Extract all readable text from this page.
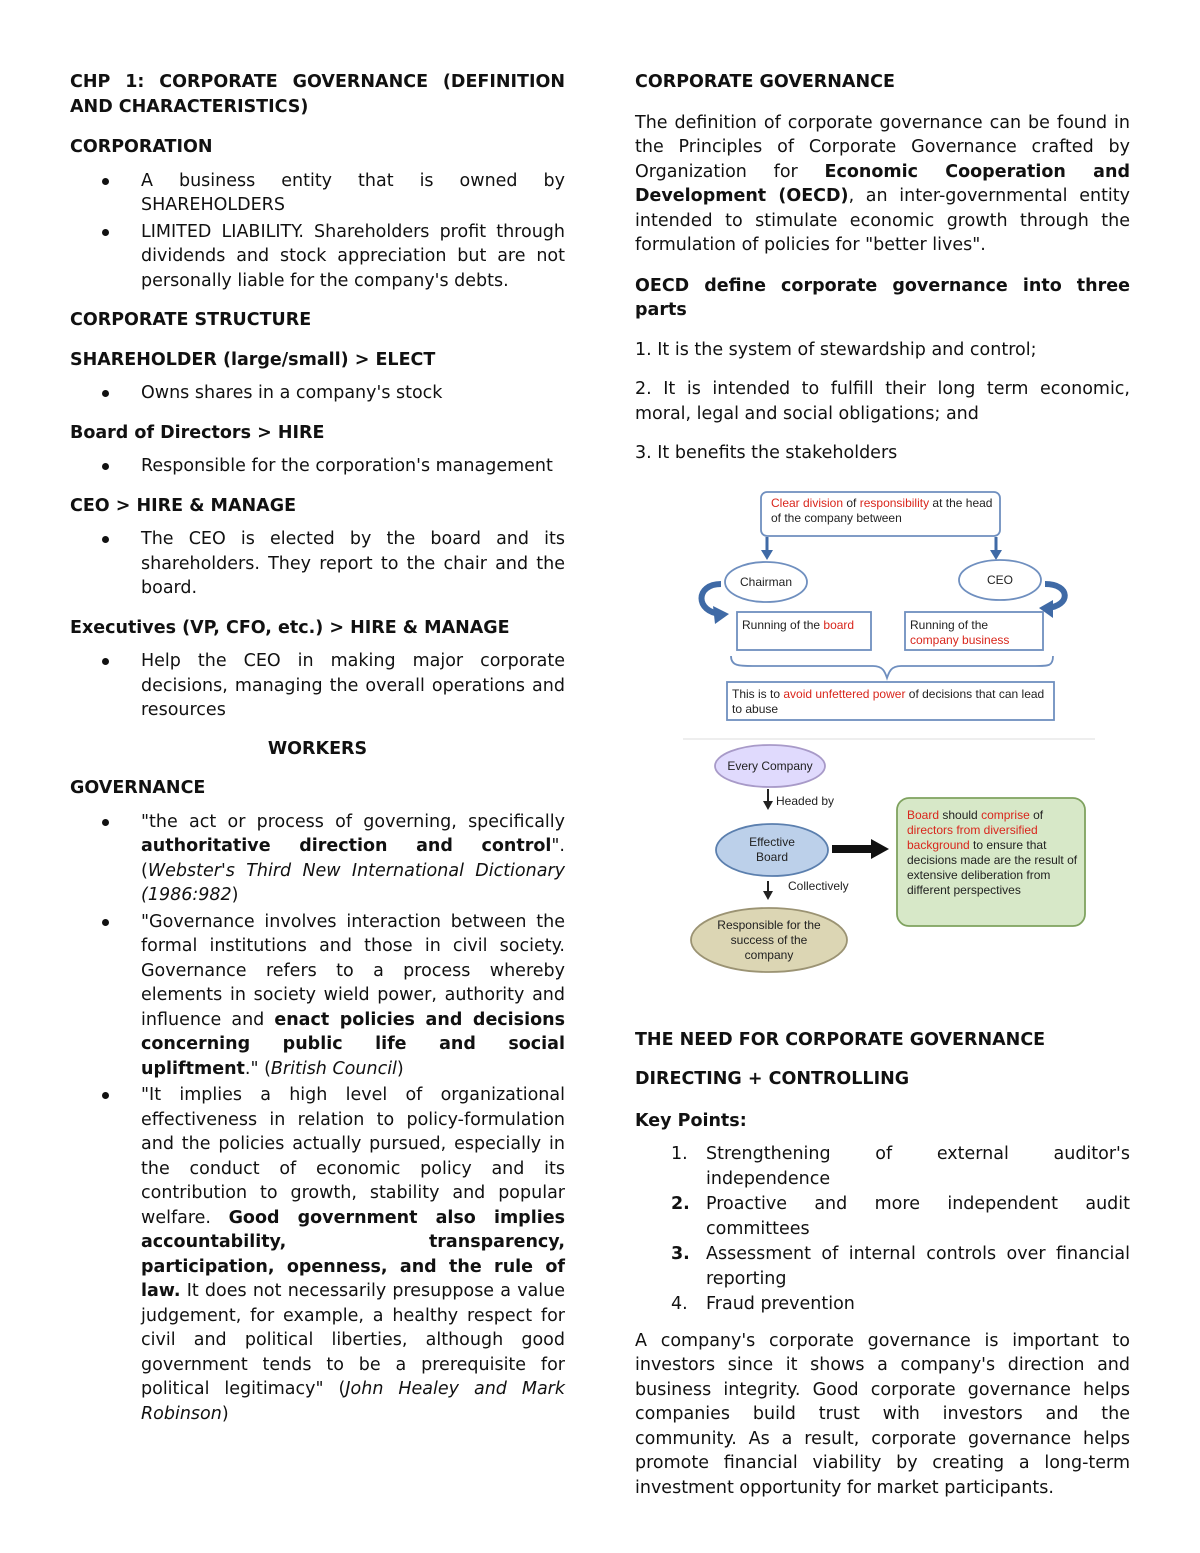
CHP 1: CORPORATE GOVERNANCE (DEFINITION AND CHARACTERISTICS)

CORPORATION

A business entity that is owned by SHAREHOLDERS
LIMITED LIABILITY. Shareholders profit through dividends and stock appreciation but are not personally liable for the company's debts.

CORPORATE STRUCTURE

SHAREHOLDER (large/small) > ELECT

Owns shares in a company's stock

Board of Directors > HIRE

Responsible for the corporation's management

CEO > HIRE & MANAGE

The CEO is elected by the board and its shareholders. They report to the chair and the board.

Executives (VP, CFO, etc.) > HIRE & MANAGE

Help the CEO in making major corporate decisions, managing the overall operations and resources

WORKERS

GOVERNANCE

"the act or process of governing, specifically authoritative direction and control". (Webster's Third New International Dictionary (1986:982)
"Governance involves interaction between the formal institutions and those in civil society. Governance refers to a process whereby elements in society wield power, authority and influence and enact policies and decisions concerning public life and social upliftment." (British Council)
"It implies a high level of organizational effectiveness in relation to policy-formulation and the policies actually pursued, especially in the conduct of economic policy and its contribution to growth, stability and popular welfare. Good government also implies accountability, transparency, participation, openness, and the rule of law. It does not necessarily presuppose a value judgement, for example, a healthy respect for civil and political liberties, although good government tends to be a prerequisite for political legitimacy" (John Healey and Mark Robinson)

CORPORATE GOVERNANCE

The definition of corporate governance can be found in the Principles of Corporate Governance crafted by Organization for Economic Cooperation and Development (OECD), an inter-governmental entity intended to stimulate economic growth through the formulation of policies for "better lives".

OECD define corporate governance into three parts

1. It is the system of stewardship and control;

2. It is intended to fulfill their long term economic, moral, legal and social obligations; and

3. It benefits the stakeholders

Clear division of responsibility at the head of the company between
Chairman	CEO
Running of the board	Running of the company business
This is to avoid unfettered power of decisions that can lead to abuse
Every Company
Headed by
Effective Board
Collectively
Responsible for the success of the company
Board should comprise of directors from diversified background to ensure that decisions made are the result of extensive deliberation from different perspectives

THE NEED FOR CORPORATE GOVERNANCE

DIRECTING + CONTROLLING

Key Points:

1. Strengthening of external auditor's independence
2. Proactive and more independent audit committees
3. Assessment of internal controls over financial reporting
4. Fraud prevention

A company's corporate governance is important to investors since it shows a company's direction and business integrity. Good corporate governance helps companies build trust with investors and the community. As a result, corporate governance helps promote financial viability by creating a long-term investment opportunity for market participants.
